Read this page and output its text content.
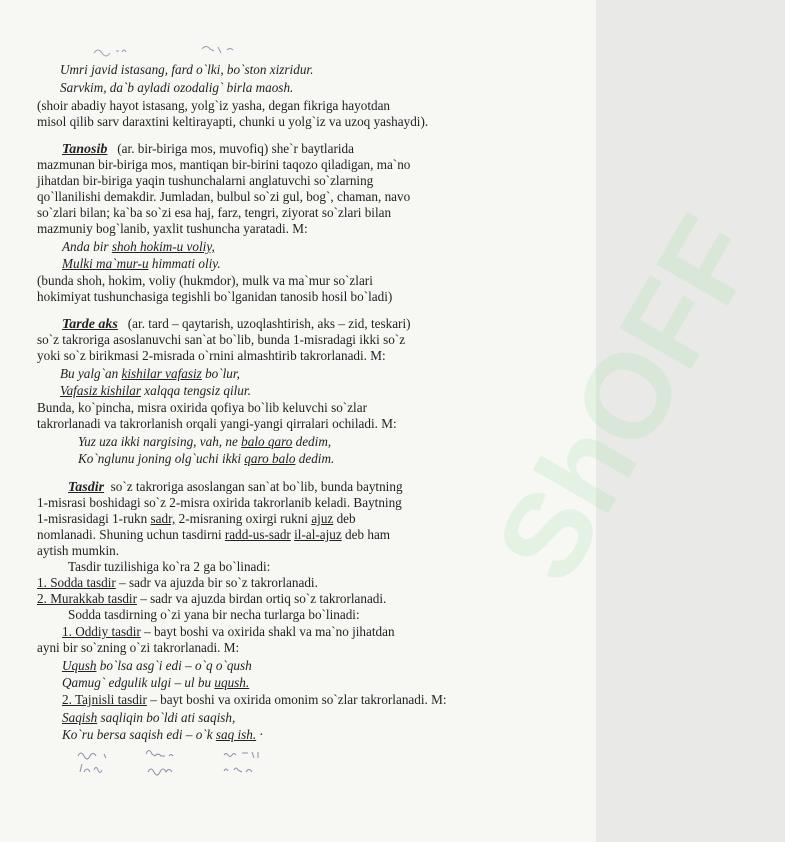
ShOFF
Umri javid istasang, fard o`lki, bo`ston xizridur.
Sarvkim, da`b ayladi ozodalig` birla maosh.
(shoir abadiy hayot istasang, yolg`iz yasha, degan fikriga hayotdan
misol qilib sarv daraxtini keltirayapti, chunki u yolg`iz va uzoq yashaydi).
Tanosib (ar. bir-biriga mos, muvofiq) she`r baytlarida
mazmunan bir-biriga mos, mantiqan bir-birini taqozo qiladigan, ma`no
jihatdan bir-biriga yaqin tushunchalarni anglatuvchi so`zlarning
qo`llanilishi demakdir. Jumladan, bulbul so`zi gul, bog`, chaman, navo
so`zlari bilan; ka`ba so`zi esa haj, farz, tengri, ziyorat so`zlari bilan
mazmuniy bog`lanib, yaxlit tushuncha yaratadi. M:
Anda bir shoh hokim-u voliy,
Mulki ma`mur-u himmati oliy.
(bunda shoh, hokim, voliy (hukmdor), mulk va ma`mur so`zlari
hokimiyat tushunchasiga tegishli bo`lganidan tanosib hosil bo`ladi)
Tarde aks (ar. tard – qaytarish, uzoqlashtirish, aks – zid, teskari)
so`z takroriga asoslanuvchi san`at bo`lib, bunda 1-misradagi ikki so`z
yoki so`z birikmasi 2-misrada o`rnini almashtirib takrorlanadi. M:
Bu yalg`an kishilar vafasiz bo`lur,
Vafasiz kishilar xalqqa tengsiz qilur.
Bunda, ko`pincha, misra oxirida qofiya bo`lib keluvchi so`zlar
takrorlanadi va takrorlanish orqali yangi-yangi qirralari ochiladi. M:
Yuz uza ikki nargising, vah, ne balo qaro dedim,
Ko`nglunu joning olg`uchi ikki qaro balo dedim.
Tasdir so`z takroriga asoslangan san`at bo`lib, bunda baytning
1-misrasi boshidagi so`z 2-misra oxirida takrorlanib keladi. Baytning
1-misrasidagi 1-rukn sadr, 2-misraning oxirgi rukni ajuz deb
nomlanadi. Shuning uchun tasdirni radd-us-sadr il-al-ajuz deb ham
aytish mumkin.
Tasdir tuzilishiga ko`ra 2 ga bo`linadi:
1. Sodda tasdir – sadr va ajuzda bir so`z takrorlanadi.
2. Murakkab tasdir – sadr va ajuzda birdan ortiq so`z takrorlanadi.
Sodda tasdirning o`zi yana bir necha turlarga bo`linadi:
1. Oddiy tasdir – bayt boshi va oxirida shakl va ma`no jihatdan
ayni bir so`zning o`zi takrorlanadi. M:
Uqush bo`lsa asg`i edi – o`q o`qush
Qamug` edgulik ulgi – ul bu uqush.
2. Tajnisli tasdir – bayt boshi va oxirida omonim so`zlar takrorlanadi. M:
Saqish saqliqin bo`ldi ati saqish,
Ko`ru bersa saqish edi – o`k saq ish. ·
